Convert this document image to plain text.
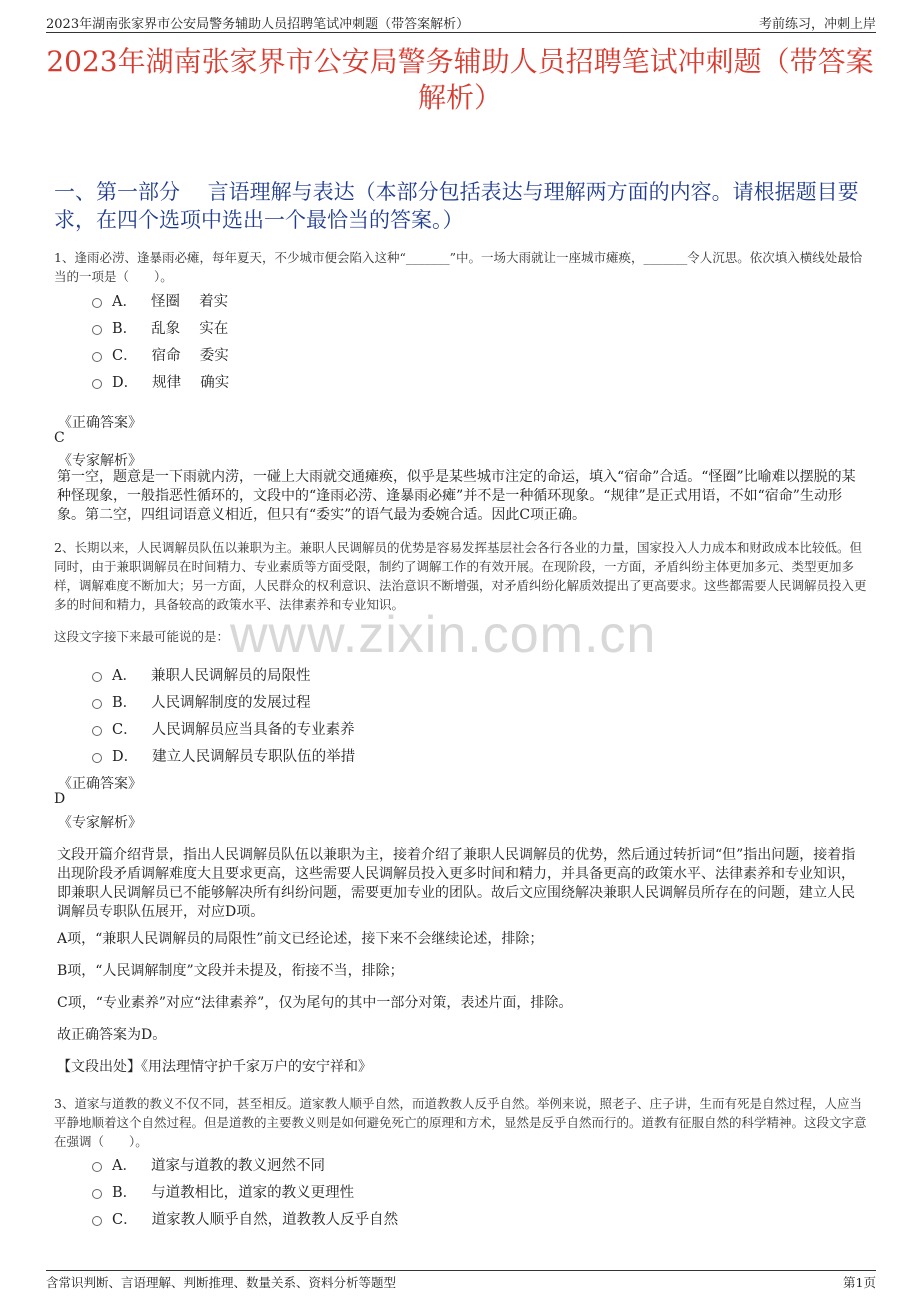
2023年湖南张家界市公安局警务辅助人员招聘笔试冲刺题（带答案解析）	考前练习，冲刺上岸
2023年湖南张家界市公安局警务辅助人员招聘笔试冲刺题（带答案解析）
一、第一部分　 言语理解与表达（本部分包括表达与理解两方面的内容。请根据题目要求，在四个选项中选出一个最恰当的答案。）
1、逢雨必涝、逢暴雨必瘫，每年夏天，不少城市便会陷入这种“_______”中。一场大雨就让一座城市瘫痪，_______令人沉思。依次填入横线处最恰当的一项是（　　）。
A． 怪圈　 着实
B． 乱象　 实在
C． 宿命　 委实
D． 规律　 确实
《正确答案》
C
《专家解析》
第一空，题意是一下雨就内涝，一碰上大雨就交通瘫痪，似乎是某些城市注定的命运，填入“宿命”合适。“怪圈”比喻难以摆脱的某种怪现象，一般指恶性循环的，文段中的“逢雨必涝、逢暴雨必瘫”并不是一种循环现象。“规律”是正式用语，不如“宿命”生动形象。第二空，四组词语意义相近，但只有“委实”的语气最为委婉合适。因此C项正确。
2、长期以来，人民调解员队伍以兼职为主。兼职人民调解员的优势是容易发挥基层社会各行各业的力量，国家投入人力成本和财政成本比较低。但同时，由于兼职调解员在时间精力、专业素质等方面受限，制约了调解工作的有效开展。在现阶段，一方面，矛盾纠纷主体更加多元、类型更加多样，调解难度不断加大；另一方面，人民群众的权利意识、法治意识不断增强，对矛盾纠纷化解质效提出了更高要求。这些都需要人民调解员投入更多的时间和精力，具备较高的政策水平、法律素养和专业知识。
www.zixin.com.cn
这段文字接下来最可能说的是：
A． 兼职人民调解员的局限性
B． 人民调解制度的发展过程
C． 人民调解员应当具备的专业素养
D． 建立人民调解员专职队伍的举措
《正确答案》
D
《专家解析》
文段开篇介绍背景，指出人民调解员队伍以兼职为主，接着介绍了兼职人民调解员的优势，然后通过转折词“但”指出问题，接着指出现阶段矛盾调解难度大且要求更高，这些需要人民调解员投入更多时间和精力，并具备更高的政策水平、法律素养和专业知识，即兼职人民调解员已不能够解决所有纠纷问题，需要更加专业的团队。故后文应围绕解决兼职人民调解员所存在的问题，建立人民调解员专职队伍展开，对应D项。
A项，“兼职人民调解员的局限性”前文已经论述，接下来不会继续论述，排除；
B项，“人民调解制度”文段并未提及，衔接不当，排除；
C项，“专业素养”对应“法律素养”，仅为尾句的其中一部分对策，表述片面，排除。
故正确答案为D。
【文段出处】《用法理情守护千家万户的安宁祥和》
3、道家与道教的教义不仅不同，甚至相反。道家教人顺乎自然，而道教教人反乎自然。举例来说，照老子、庄子讲，生而有死是自然过程，人应当平静地顺着这个自然过程。但是道教的主要教义则是如何避免死亡的原理和方术，显然是反乎自然而行的。道教有征服自然的科学精神。这段文字意在强调（　　）。
A． 道家与道教的教义迥然不同
B． 与道教相比，道家的教义更理性
C． 道家教人顺乎自然，道教教人反乎自然
含常识判断、言语理解、判断推理、数量关系、资料分析等题型	第1页
